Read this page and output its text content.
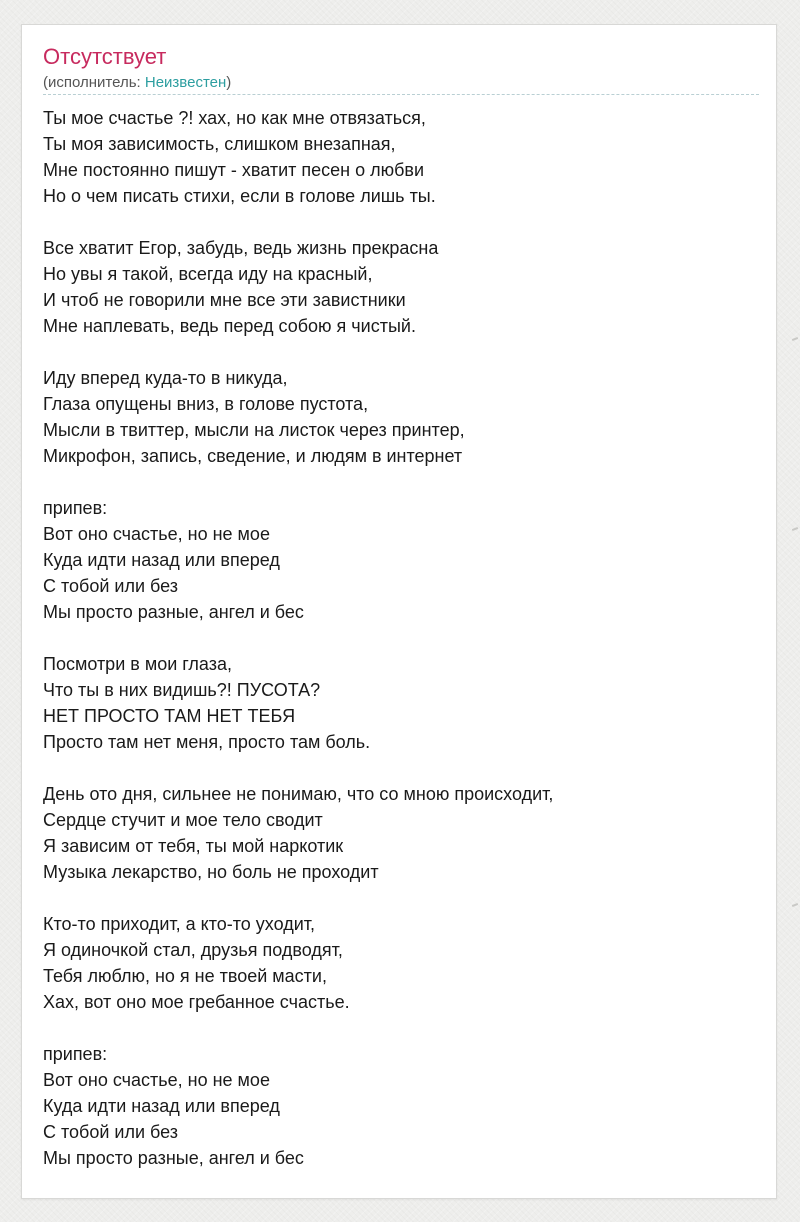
Отсутствует
(исполнитель: Неизвестен)
Ты мое счастье ?! хах, но как мне отвязаться,
Ты моя зависимость, слишком внезапная,
Мне постоянно пишут - хватит песен о любви
Но о чем писать стихи, если в голове лишь ты.
Все хватит Егор, забудь, ведь жизнь прекрасна
Но увы я такой, всегда иду на красный,
И чтоб не говорили мне все эти завистники
Мне наплевать, ведь перед собою я чистый.
Иду вперед куда-то в никуда,
Глаза опущены вниз, в голове пустота,
Мысли в твиттер, мысли на листок через принтер,
Микрофон, запись, сведение, и людям в интернет
припев:
Вот оно счастье, но не мое
Куда идти назад или вперед
С тобой или без
Мы просто разные, ангел и бес
Посмотри в мои глаза,
Что ты в них видишь?! ПУСОТА?
НЕТ ПРОСТО ТАМ НЕТ ТЕБЯ
Просто там нет меня, просто там боль.
День ото дня, сильнее не понимаю, что со мною происходит,
Сердце стучит и мое тело сводит
Я зависим от тебя, ты мой наркотик
Музыка лекарство, но боль не проходит
Кто-то приходит, а кто-то уходит,
Я одиночкой стал, друзья подводят,
Тебя люблю, но я не твоей масти,
Хах, вот оно мое гребанное счастье.
припев:
Вот оно счастье, но не мое
Куда идти назад или вперед
С тобой или без
Мы просто разные, ангел и бес
